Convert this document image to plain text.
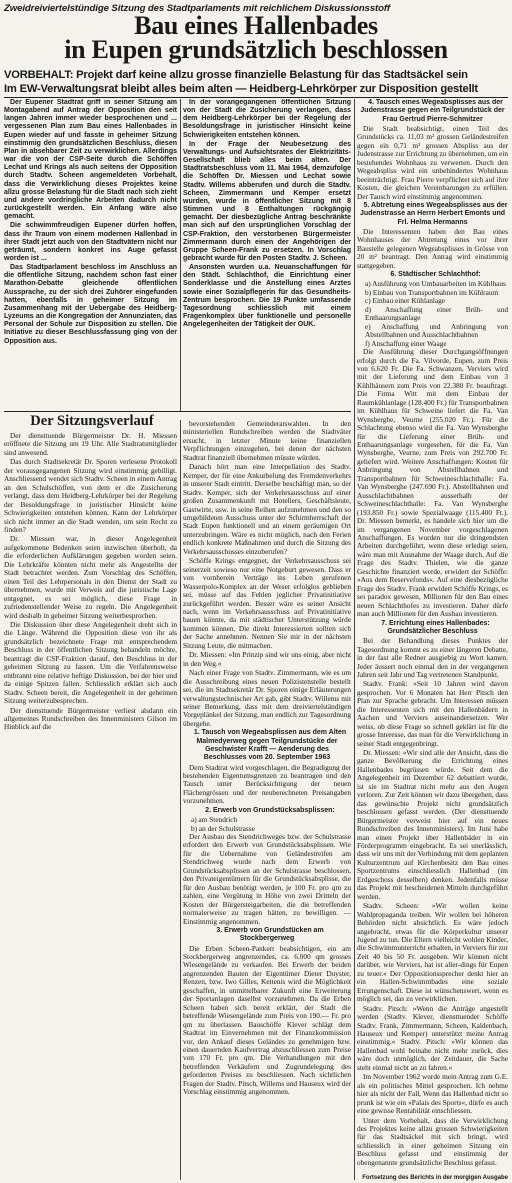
Zweidreiviertelstündige Sitzung des Stadtparlaments mit reichlichem Diskussionsstoff
Bau eines Hallenbades
in Eupen grundsätzlich beschlossen
VORBEHALT: Projekt darf keine allzu grosse finanzielle Belastung für das Stadtsäckel sein
Im EW-Verwaltungsrat bleibt alles beim alten — Heidberg-Lehrkörper zur Disposition gestellt

Der Eupener Stadtrat griff in seiner Sitzung am Montagabend auf Antrag der Opposition den seit langen Jahren immer wieder besprochenen und ... vergessenen Plan zum Bau eines Hallenbades in Eupen wieder auf und fasste in geheimer Sitzung einstimmig den grundsätzlichen Beschluss, diesen Plan in absehbarer Zeit zu verwirklichen. Allerdings war die von der CSP-Seite durch die Schöffen Lechat und Krings als auch seitens der Opposition durch Stadtv. Scheen angemeldeten Vorbehalt, dass die Verwirklichung dieses Projektes keine allzu grosse Belastung für die Stadt nach sich zieht und andere vordringliche Arbeiten dadurch nicht zurückgestellt werden. Ein Anfang wäre also gemacht.

Die schwimmfreudigen Eupener dürfen hoffen, dass ihr Traum von einem modernen Hallenbad in ihrer Stadt jetzt auch von den Stadtvätern nicht nur geträumt, sondern konkret ins Auge gefasst worden ist ...

Das Stadtparlament beschloss im Anschluss an die öffentliche Sitzung, nachdem schon fast einer Marathon-Debatte gleichende öffentlichen Aussprache, zu der sich drei Zuhörer eingefunden hatten, ebenfalls in geheimer Sitzung im Zusammenhang mit der Uebergabe des Heidberg-Lyzeums an die Kongregation der Annunziaten, das Personal der Schule zur Disposition zu stellen. Die Initiative zu dieser Beschlussfassung ging von der Opposition aus.

In der vorangegangenen öffentlichen Sitzung von der Stadt die Zusicherung verlangen, dass dem Heidberg-Lehrkörper bei der Regelung der Besoldungsfrage in juristischer Hinsicht keine Schwierigkeiten entstehen können.

In der Frage der Neubesetzung des Verwaltungs- und Aufsichtsrates der Elektrizitäts-Gesellschaft blieb alles beim alten. Der Stadtratsbeschluss vom 11. Mai 1964, demzufolge die Schöffen Dr. Miessen und Lechat sowie Stadtv. Willems abberufen und durch die Stadtv. Scheen, Zimmermann und Kemper ersetzt wurden, wurde in öffentlicher Sitzung mit 8 Stimmen und 8 Enthaltungen rückgängig gemacht. Der diesbezügliche Antrag beschränkte man sich auf den ursprünglichen Vorschlag der CSP-Fraktion, den verstorbenen Bürgermeister Zimmermann durch einen der Angehörigen der Gruppe Scheen-Frank zu ersetzen. In Vorschlag gebracht wurde für den Posten Stadtv. J. Scheen.

Ansonsten wurden u.a. Neuanschaffungen für den Städt. Schlachthof, die Einrichtung einer Sonderklasse und die Anstellung eines Arztes sowie einer Sozialpflegerin für das Gesundheits-Zentrum besprochen. Die 19 Punkte umfassende Tagesordnung schliesslich mit einem Fragenkomplex über funktionelle und personelle Angelegenheiten der Tätigkeit der OUK.

Der Sitzungsverlauf

Der diensttuende Bürgermeister Dr. H. Miessen eröffnete die Sitzung um 19 Uhr. Alle Stadtratsmitglieder sind anwesend.

Das durch Stadtsekretär Dr. Sporen verlesene Protokoll der vorausgegangenen Sitzung wird einstimmig gebilligt. Anschliessend wendet sich Stadtv. Scheen in einem Antrag an den Schulschöffen, von dem er die Zusicherung verlangt, dass dem Heidberg-Lehrkörper bei der Regelung der Besoldungsfrage in juristischer Hinsicht keine Schwierigkeiten entstehen können. Kann der Lehrkörper sich nicht immer an die Stadt wenden, um sein Recht zu finden?

Dr. Miessen war, in dieser Angelegenheit aufgekommene Bedenken seien inzwischen überholt, da die erforderlichen Aufklärungen gegeben worden seien. Die Lehrkräfte könnten nicht mehr als Angestellte der Stadt betrachtet werden. Zum Vorschlag des Schöffen, einen Teil des Lehrpersonals in den Dienst der Stadt zu übernehmen, wurde mit Verweis auf die juristische Lage entgegnet, es sei möglich, diese Frage in zufriedenstellender Weise zu regeln. Die Angelegenheit wird deshalb in geheimer Sitzung weiterbesprochen.

Die Diskussion über diese Angelegenheit dreht sich in die Länge. Während die Opposition diese von ihr als grundsätzlich bezeichnete Frage mit entsprechendem Beschluss in der öffentlichen Sitzung behandeln möchte, beantragt die CSP-Fraktion darauf, den Beschluss in der geheimen Sitzung zu fassen. Um die Verfahrensweise entbrannt eine relative heftige Diskussion, bei der hier und da einige Spitzen fallen. Schliesslich erklärt sich auch Stadtv. Scheen bereit, die Angelegenheit in der geheimen Sitzung weiterzubesprechen.

Der diensttuende Bürgermeister verliest alsdann ein allgemeines Rundschreiben des Innenministers Gilson im Hinblick auf die

bevorstehenden Gemeinderatswahlen. In den ministeriellen Rundschreiben werden die Stadtväter ersucht, in letzter Minute keine finanziellen Verpflichtungen einzugehen, bei denen der nächsten Stadtrat finanziell übernehmen müsste würden.

Danach hört man eine Interpellation des Stadtv. Kemper, der für eine Ankurbelung des Fremdenverkehrs in unserer Stadt eintritt. Derselbe beschäftigt man, so der Stadtv. Kemper, sich der Verkehrsausschuss auf einer großen Zusammenkunft mit Hoteliers, Geschäftsleute, Gastwirte, usw. in seine Reihen aufzunehmen und den so umgebildeten Ausschuss unter der Schirmherrschaft der Stadt Eupen funktionell und an einem geräumigen Ort unterzubringen. Wäre es nicht möglich, nach den Ferien endlich konkrete Maßnahmen und durch die Sitzung des Verkehrsausschusses einzuberufen?

Schöffe Krings entgegnet, der Verkehrsausschuss sei seinerzeit sowieso nur eine Notgeburt gewesen. Dass er von vornherein Verträge ins Leben gerufenen Wasserpolo-Komplex an der Weser erfolglos geblieben sei, müsse auf das Fehlen jeglicher Privatinitiative zurückgeführt werden. Besser wäre es seiner Ansicht nach, wenn im Verkehrsausschuss auf Privatinitiative bauen könnte, da mit städtischer Unterstützung würde kommen können. Die direkt Interessierten sollten sich der Sache annehmen. Nennen Sie mir in der nächsten Sitzung Leute, die mitmachen.

Dr. Miessen: »Im Prinzip sind wir uns einig, aber nicht in den Weg.«

Nach einer Frage von Stadtv. Zimmermann, wie es um die Ausschreibung eines neuen Polizistenstelle bestellt sei, die im Stadtsekretär Dr. Sporen einige Erläuterungen verwaltungstechnischer Art gab, gibt Stadtv. Willems mit seiner Bemerkung, dass mit dem dreiviertelständigen Vorgeplänkel der Sitzung, man endlich zur Tagesordnung übergehe.

1. Tausch von Wegeabsplissen aus dem Alten Malmedyerweg gegen Teilgrundstücke der Geschwister Krafft — Aenderung des Beschlusses vom 20. September 1963

Dem Stadtrat wird vorgeschlagen, die Begradigung der bestehenden Eigentumsgrenzen zu beantragen und den Tausch unter Berücksichtigung der neuen Flächengrössen und der neuberechneten Preisangaben vorzunehmen.

2. Erwerb von Grundstücksabsplissen:

a) am Stendrich
b) an der Schulstrasse

Der Ausbau des Stendrichweges bzw. der Schulstrasse erfordert den Erwerb von Grundstücksabsplissen. Wie für die Uebernahme von Geländestreifen am Stendrichweg wurde nach dem Erwerb von Grundstücksabsplissen an der Schulstrasse beschlossen, den Privateigentümern für die Grundstücksabsplisse, die für den Ausbau benötigt werden, je 100 Fr. pro qm zu zahlen, eine Vergütung in Höhe von zwei Dritteln der Kosten der Bürgersteigarbeiten, die die betreffenden normalerweise zu tragen hätten, zu bewilligen. — Einstimmig angenommen.

3. Erwerb von Grundstücken am Stockbergerweg

Die Erben Scheen-Pankert beabsichtigen, ein am Stockbergerweg angrenzendes, ca. 6.000 qm grosses Wiesengelände zu verkaufen. Bei Erwerb der beiden angrenzenden Bauten der Eigentümer Dieter Duyster, Renzen, bzw. Iwo Gilles, Kettenis wird die Möglichkeit geschaffen, in unmittelbarer Zukunft eine Erweiterung der Sportanlagen daselbst vorzunehmen. Da die Erben Scheen haben sich bereit erklärt, der Stadt die betreffende Wiesengelände zum Preis von 190.— Fr. pro qm zu überlassen. Bauschöffe Klever schlägt dem Stadtrat im Einvernehmen mit der Finanzkommission vor, den Ankauf dieses Geländes zu genehmigen bzw. einen dauernden Kaufvertrag abzuschliessen zum Preise von 170 Fr. pro qm. Die Verhandlungen mit den betreffenden Verkäufern und Zugrundelegung des geforderten Preises zu beschliessen. Nach sichtlichen Fragen der Stadtv. Pitsch, Willems und Hauseux wird der Vorschlag einstimmig angenommen.

4. Tausch eines Wegeabsplisses aus der Judenstrasse gegen ein Teilgrundstück der Frau Gertrud Pierre-Schmitzer

Die Stadt beabsichtigt, einen Teil des Grundstücks ca. 11,03 m² grossen Geländestreifen gegen ein 0,71 m² grossen Abspliss aus der Judenstrasse zur Errichtung zu übernehmen, um ein bestehendes Wohnhaus zu verwerten. Durch den Wegeabspliss wird ein unbehindertes Wohnhaus beeinträchtigt. Frau Pierre verpflichtet sich auf ihre Kosten, die gleichen Vereinbarungen zu erfüllen. Der Tausch wird einstimmig angenommen.

5. Abtretung eines Wegeabsplisses aus der Judenstrasse an Herrn Herbert Emonts und Frl. Helma Hermanns

Die Interessenten haben den Bau eines Wohnhauses der Abtretung eines vor ihrer Baustelle gelegenen Wegeabsplisses in Grösse von 20 m² beantragt. Den Antrag wird einstimmig stattgegeben.

6. Städtischer Schlachthof:

a) Ausführung von Umbauarbeiten im Kühlhaus
b) Einbau von Transportbahnen im Kühlraum
c) Einbau einer Kühlanlage
d) Anschaffung einer Brüh- und Enthaarungsanlage
e) Anschaffung und Anbringung von Abstellbahnen und Ausschlachtbahnen
f) Anschaffung einer Waage

Die Ausführung dieser Durchgangsöffnungen erfolgt durch die Fa. Vilvorde, Eupen, zum Preis von 6.620 Fr. Die Fa. Schwanzen, Verviers wird mit der Lieferung und dem Einbau von 3 Kühlhäusern zum Preis von 22.380 Fr. beauftragt. Die Firma Witt mit dem Einbau der Raumkühlanlage (128.400 Fr.) für Transportbahnen im Kühlhaus für Schweine liefert die Fa. Van Wynsberghe, Veurne (255.020 Fr.). Für die Schlachtung ebenso wird die Fa. Van Wynsberghe für die Lieferung einer Brüh- und Enthaarungsanlage vorgesehen, für die Fa. Van Wynsberghe, Veurne, zum Preis von 292.700 Fr. geliefert wird. Weitere Anschaffungen: Kosten für Anbringung von Abstellbahnen und Transportbahnen für Schweineschlachthalle: Fa. Van Wynsberghe (247.690 Fr.). Abstellbahnen und Ausschlachtbahnen ausserhalb der Schweineschlachthalle: Fa. Van Wynsberghe (193.850 Fr.) sowie Spezialwaage (115.400 Fr.). Dr. Miessen bemerkt, es handele sich hier um die im vergangenen November vorgeschlagenen Anschaffungen. Es wurden nur die dringendsten Arbeiten durchgeführt, wenn diese erledigt seien, wäre man mit Ausnahme der Waage durch. Auf die Frage des Stadtv. Thielen, wie die ganze Geschichte finanziert werde, erwidert der Schöffe: »Aus dem Reservefonds«. Auf eine diesbezügliche Frage des Stadtv. Frank erwidert Schöffe Krings, es sei paradox gewesen, Millionen für den Bau eines neuen Schlachthofes zu investieren. Daher dürfe man auch Millionen für den Ausbau investieren.

7. Errichtung eines Hallenbades: Grundsätzlicher Beschluss

Bei der Behandlung dieses Punktes der Tagesordnung kommt es zu einer längeren Debatte, in der fast alle Redner ausgiebig zu Wort kamen. Jeder äussert noch einmal den in der vergangenen Jahren seit Jahr und Tag vertretenen Standpunkt.

Stadtv. Frank: »Seit 10 Jahren wird davon gesprochen. Vor 6 Monaten hat Herr Pitsch den Plan zur Sprache gebracht. Um Interessen müssen die Interessenten sich mit den Hallenbädern in Aachen und Verviers auseinandersetzen. Wer weiss, ob diese Frage so schnell geklärt ist für die grosse Interesse, das man für die Verwirklichung in seiner Stadt entgegenbringt.

Dr. Miessen: »Wir sind alle der Ansicht, dass die ganze Bevölkerung die Errichtung eines Hallenbades begrüssen würde. Seit dem die Angelegenheit im Dezember 62 debattiert wurde, ist sie im Stadtrat nicht mehr aus den Augen verloren. Zur Zeit können wir dazu übergehen, dass das gewünschte Projekt nicht grundsätzlich beschlossen gefasst werden. (Der diensttuende Bürgermeister verweist hier auf ein neues Rundschreiben des Innenministers). Im Juni habe man einen Projekt über Hallenbäder in ein Förderprogramm eingebracht. Es sei unerlässlich, dass wir uns mit der Verbindung mit dem geplanten Kulturzentrum auf Kirchenbesitz den Bau eines Sportzentrums einschliesslich Hallenbad (im Erdgeschoss desselben) denken. Jedenfalls müsse das Projekt mit bescheidenen Mitteln durchgeführt werden.

Stadtv. Scheen: »Wir wollen keine Wahlpropaganda treiben. Wir wollen bei höheren Behörden nicht absichtlich. Es wäre jedoch angebracht, etwas für die Körperkultur unserer Jugend zu tun. Die Eltern vielleicht wohlen Kinder, die Schwimmunterricht erhalten, in Verviers für zur Zeit 40 bis 50 Fr. ausgeben. Wir können nicht darüber, wie Verviers, hat ist aller-dings für Eupen zu teuer.« Der Oppositionssprecher denkt hier an ein Hallen-Schwimmbades eine soziale Errungenschaft. Diese ist wünschenswert, wenn es möglich sei, das zu verwirklichen.

Stadtv. Pitsch: »Wenn die Anträge angestellt werden (Stadtv. Klever, diensttuender Schöffe Stadtv. Frank, Zimmermann, Scheen, Kaldenbach, Hauseux und Kemper) unterstützt meine Antrag einstimmig.« Stadtv. Pitsch: »Wir können das Hallenbad wohl beinahe nicht mehr zurück, dies wäre doch unmöglich, der Zeitdauer, die Sache steht einmal nicht an zu fahren.«

Im November 1962 wurde mein Antrag zum G.E. als ein politisches Mittel gesprochen. Ich nehme hier als nicht der Fall, Wenn das Hallenbad nicht so prunk ist wie ein »Palais des Sports«, dürfe es auch eine gewisse Rentabilität einschliessen.

Unter dem Vorbehalt, dass die Verwirklichung des Projektes keine allzu grossen Schwierigkeiten für das Stadtsäckel mit sich bringt, wird schliesslich in einer geheimen Sitzung ein Beschluss gefasst und einstimmig der obengenannte grundsätzliche Beschluss gefasst.

Fortsetzung des Berichts in der morgigen Ausgabe
